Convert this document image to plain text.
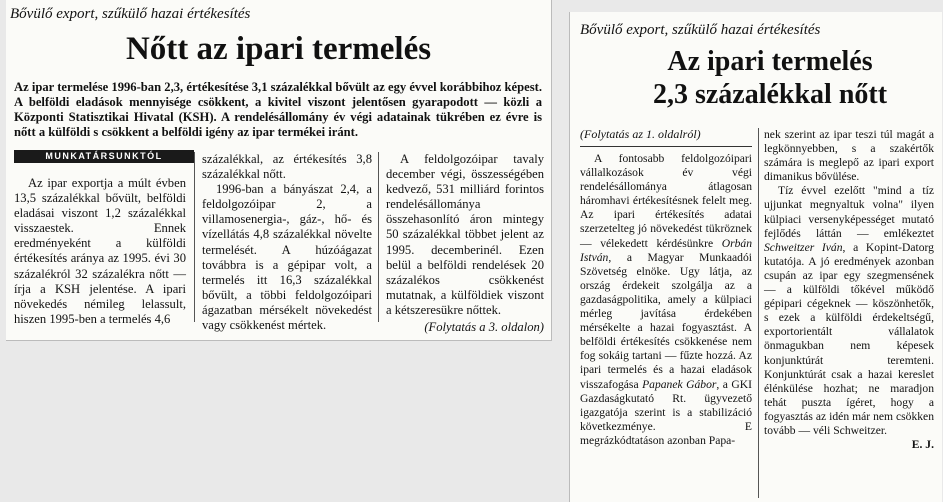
Bővülő export, szűkülő hazai értékesítés
Nőtt az ipari termelés
Az ipar termelése 1996-ban 2,3, értékesítése 3,1 százalékkal bővült az egy évvel korábbihoz képest. A belföldi eladások mennyisége csökkent, a kivitel viszont jelentősen gyarapodott — közli a Központi Statisztikai Hivatal (KSH). A rendelésállomány év végi adatainak tükrében ez évre is nőtt a külföldi s csökkent a belföldi igény az ipar termékei iránt.
MUNKATÁRSUNKTÓL

Az ipar exportja a múlt évben 13,5 százalékkal bővült, belföldi eladásai viszont 1,2 százalékkal visszaestek. Ennek eredményeként a külföldi értékesítés aránya az 1995. évi 30 százalékról 32 százalékra nőtt — írja a KSH jelentése. A ipari növekedés némileg lelassult, hiszen 1995-ben a termelés 4,6

százalékkal, az értékesítés 3,8 százalékkal nőtt.

1996-ban a bányászat 2,4, a feldolgozóipar 2, a villamosenergia-, gáz-, hő- és vízellátás 4,8 százalékkal növelte termelését. A húzóágazat továbbra is a gépipar volt, a termelés itt 16,3 százalékkal bővült, a többi feldolgozóipari ágazatban mérsékelt növekedést vagy csökkenést mértek.

A feldolgozóipar tavaly december végi, összességében kedvező, 531 milliárd forintos rendelésállománya összehasonlító áron mintegy 50 százalékkal többet jelent az 1995. decemberinél. Ezen belül a belföldi rendelések 20 százalékos csökkenést mutatnak, a külföldiek viszont a kétszeresükre nőttek.

(Folytatás a 3. oldalon)

Bővülő export, szűkülő hazai értékesítés
Az ipari termelés
2,3 százalékkal nőtt
(Folytatás az 1. oldalról)

A fontosabb feldolgozóipari vállalkozások év végi rendelésállománya átlagosan háromhavi értékesítésnek felelt meg. Az ipari értékesítés adatai szerzetelteg jó növekedést tükröznek — vélekedett kérdésünkre Orbán István, a Magyar Munkaadói Szövetség elnöke. Ugy látja, az ország érdekeit szolgálja az a gazdaságpolitika, amely a külpiaci mérleg javítása érdekében mérsékelte a hazai fogyasztást. A belföldi értékesítés csökkenése nem fog sokáig tartani — fűzte hozzá. Az ipari termelés és a hazai eladások visszafogása Papanek Gábor, a GKI Gazdaságkutató Rt. ügyvezető igazgatója szerint is a stabilizáció következménye. E megrázkódtatáson azonban Papa-

nek szerint az ipar teszi túl magát a legkönnyebben, s a szakértők számára is meglepő az ipari export dimanikus bővülése.

Tíz évvel ezelőtt "mind a tíz ujjunkat megnyaltuk volna" ilyen külpiaci versenyképességet mutató fejlődés láttán — emlékeztet Schweitzer Iván, a Kopint-Datorg kutatója. A jó eredmények azonban csupán az ipar egy szegmensének — a külföldi tőkével működő gépipari cégeknek — köszönhetők, s ezek a külföldi érdekeltségű, exportorientált vállalatok önmagukban nem képesek konjunktúrát teremteni. Konjunktúrát csak a hazai kereslet élénkülése hozhat; ne maradjon tehát puszta ígéret, hogy a fogyasztás az idén már nem csökken tovább — véli Schweitzer.

E. J.
